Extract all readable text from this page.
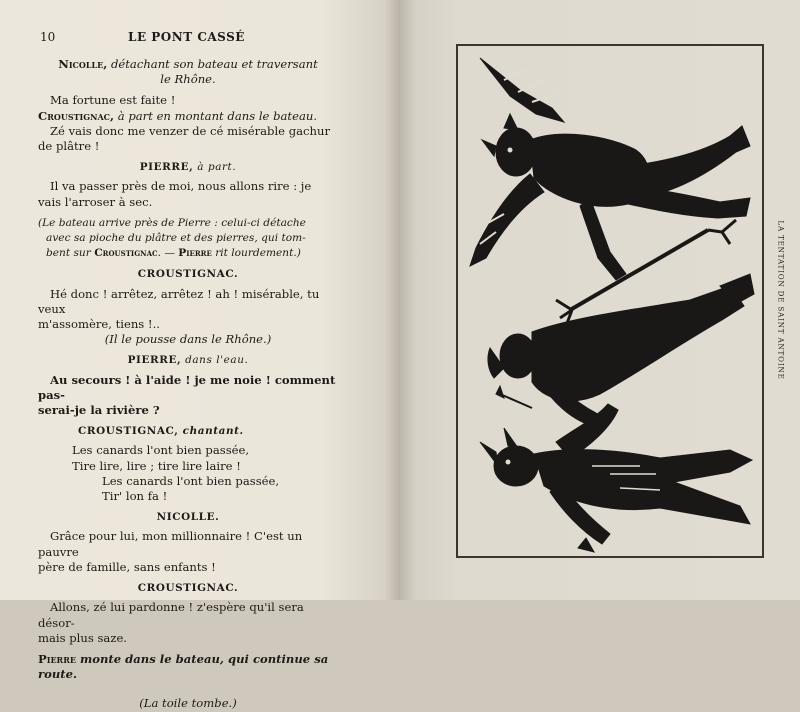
10	LE PONT CASSÉ

Nicolle, détachant son bateau et traversant

le Rhône.

Ma fortune est faite !

Croustignac, à part en montant dans le bateau.

Zé vais donc me venzer de cé misérable gachur

de plâtre !

PIERRE, à part.

Il va passer près de moi, nous allons rire : je

vais l'arroser à sec.

(Le bateau arrive près de Pierre : celui-ci détache

avec sa pioche du plâtre et des pierres, qui tom-

bent sur Croustignac. — Pierre rit lourdement.)

CROUSTIGNAC.

Hé donc ! arrêtez, arrêtez ! ah ! misérable, tu veux

m'assomère, tiens !..

(Il le pousse dans le Rhône.)

PIERRE, dans l'eau.

Au secours ! à l'aide ! je me noie ! comment pas-

serai-je la rivière ?

CROUSTIGNAC, chantant.

Les canards l'ont bien passée,

Tire lire, lire ; tire lire laire !

Les canards l'ont bien passée,

Tir' lon fa !

NICOLLE.

Grâce pour lui, mon millionnaire ! C'est un pauvre

père de famille, sans enfants !

CROUSTIGNAC.

Allons, zé lui pardonne ! z'espère qu'il sera désor-

mais plus saze.

Pierre monte dans le bateau, qui continue sa route.

(La toile tombe.)

LA TENTATION DE SAINT ANTOINE
